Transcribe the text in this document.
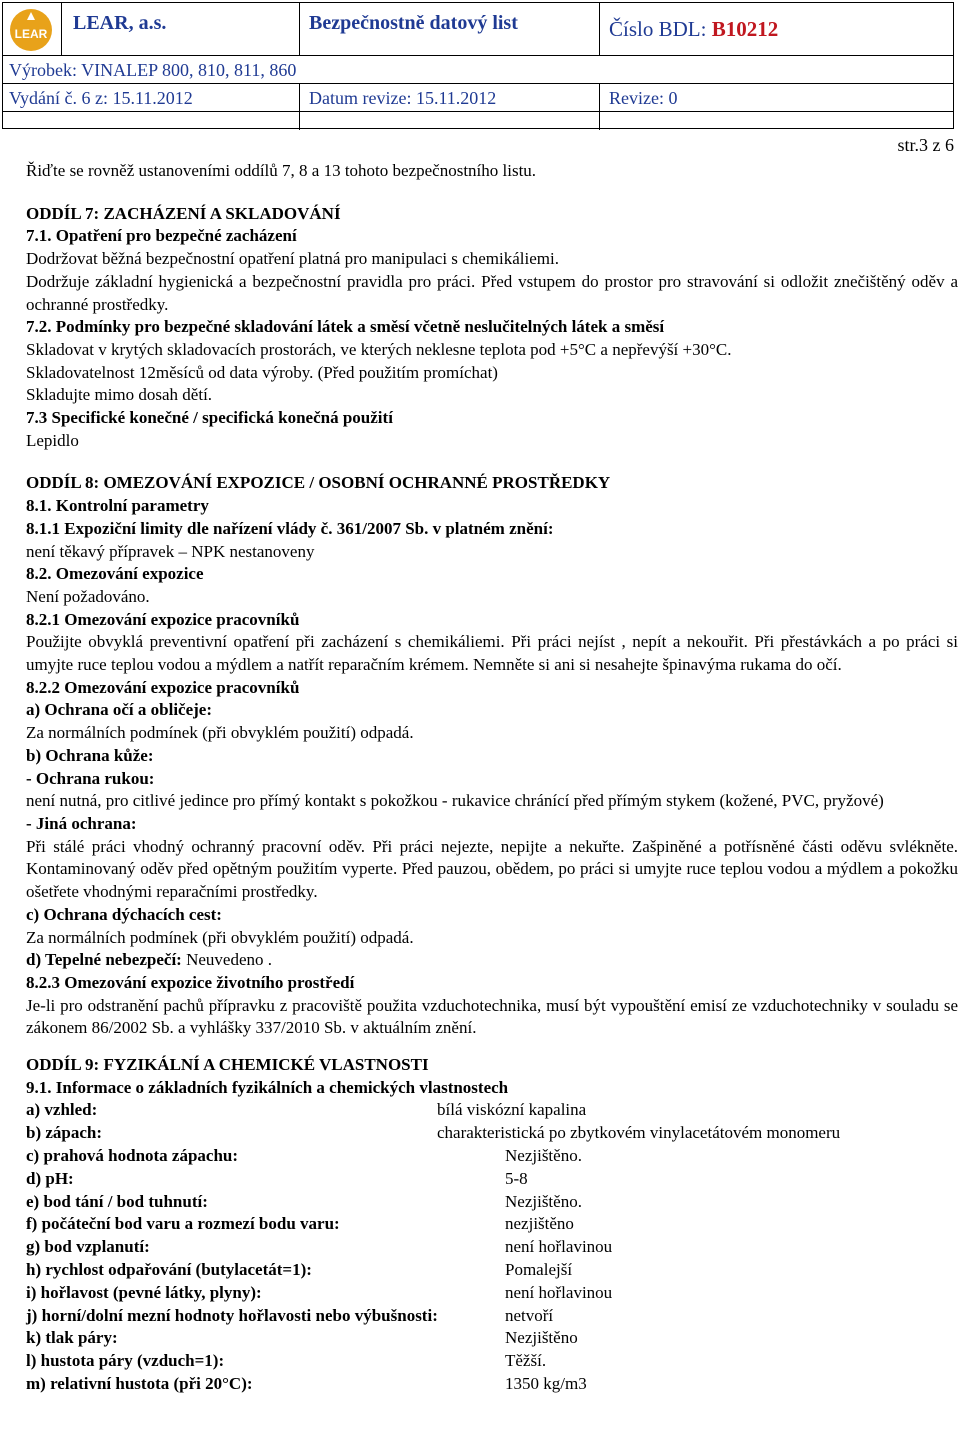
LEAR LEAR, a.s.	Bezpečnostně datový list	Číslo BDL: B10212
Výrobek: VINALEP 800, 810, 811, 860
Vydání č. 6 z: 15.11.2012	Datum revize: 15.11.2012	Revize: 0
str.3 z 6
Řiďte se rovněž ustanoveními oddílů 7, 8 a 13 tohoto bezpečnostního listu.
ODDÍL 7: ZACHÁZENÍ A SKLADOVÁNÍ
7.1. Opatření pro bezpečné zacházení
Dodržovat běžná bezpečnostní opatření platná pro manipulaci s chemikáliemi.
Dodržuje základní hygienická a bezpečnostní pravidla pro práci. Před vstupem do prostor pro stravování si odložit znečištěný oděv a ochranné prostředky.
7.2. Podmínky pro bezpečné skladování látek a směsí včetně neslučitelných látek a směsí
Skladovat v krytých skladovacích prostorách, ve kterých neklesne teplota pod +5°C a nepřevýší +30°C.
Skladovatelnost 12měsíců od data výroby. (Před použitím promíchat)
Skladujte mimo dosah dětí.
7.3 Specifické konečné / specifická konečná použití
Lepidlo
ODDÍL 8: OMEZOVÁNÍ EXPOZICE / OSOBNÍ OCHRANNÉ PROSTŘEDKY
8.1. Kontrolní parametry
8.1.1 Expoziční limity dle nařízení vlády č. 361/2007 Sb. v platném znění:
není těkavý přípravek – NPK nestanoveny
8.2. Omezování expozice
Není požadováno.
8.2.1 Omezování expozice pracovníků
Použijte obvyklá preventivní opatření při zacházení s chemikáliemi. Při práci nejíst , nepít a nekouřit. Při přestávkách a po práci si umyjte ruce teplou vodou a mýdlem a natřít reparačním krémem. Nemněte si ani si nesahejte špinavýma rukama do očí.
8.2.2 Omezování expozice pracovníků
a) Ochrana očí a obličeje:
Za normálních podmínek (při obvyklém použití) odpadá.
b) Ochrana kůže:
- Ochrana rukou:
není nutná, pro citlivé jedince pro přímý kontakt s pokožkou - rukavice chránící před přímým stykem (kožené, PVC, pryžové)
- Jiná ochrana:
Při stálé práci vhodný ochranný pracovní oděv. Při práci nejezte, nepijte a nekuřte. Zašpiněné a potřísněné části oděvu svlékněte. Kontaminovaný oděv před opětným použitím vyperte. Před pauzou, obědem, po práci si umyjte ruce teplou vodou a mýdlem a pokožku ošetřete vhodnými reparačními prostředky.
c) Ochrana dýchacích cest:
Za normálních podmínek (při obvyklém použití) odpadá.
d) Tepelné nebezpečí: Neuvedeno .
8.2.3 Omezování expozice životního prostředí
Je-li pro odstranění pachů přípravku z pracoviště použita vzduchotechnika, musí být vypouštění emisí ze vzduchotechniky v souladu se zákonem 86/2002 Sb. a vyhlášky 337/2010 Sb. v aktuálním znění.
ODDÍL 9: FYZIKÁLNÍ A CHEMICKÉ VLASTNOSTI
9.1. Informace o základních fyzikálních a chemických vlastnostech
a) vzhled:	bílá viskózní kapalina
b) zápach:	charakteristická po zbytkovém vinylacetátovém monomeru
c) prahová hodnota zápachu:	Nezjištěno.
d) pH:	5-8
e) bod tání / bod tuhnutí:	Nezjištěno.
f) počáteční bod varu a rozmezí bodu varu:	nezjištěno
g) bod vzplanutí:	není hořlavinou
h) rychlost odpařování (butylacetát=1):	Pomalejší
i) hořlavost (pevné látky, plyny):	není hořlavinou
j) horní/dolní mezní hodnoty hořlavosti nebo výbušnosti:	netvoří
k) tlak páry:	Nezjištěno
l) hustota páry (vzduch=1):	Těžší.
m) relativní hustota (při 20°C):	1350 kg/m3
